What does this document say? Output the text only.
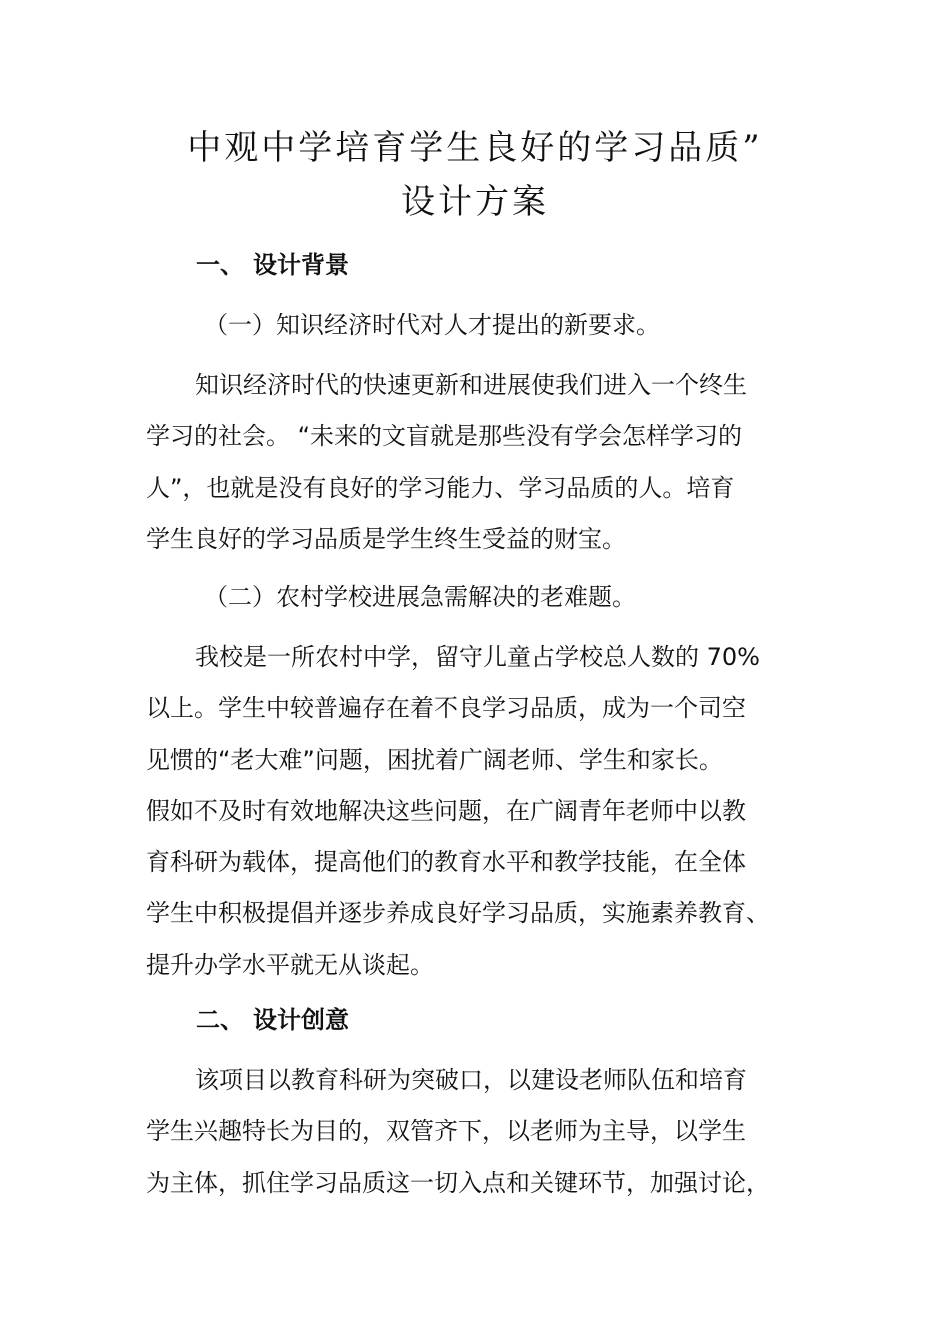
中观中学培育学生良好的学习品质”
设计方案
一、 设计背景
（一）知识经济时代对人才提出的新要求。
知识经济时代的快速更新和进展使我们进入一个终生
学习的社会。 “未来的文盲就是那些没有学会怎样学习的
人”，也就是没有良好的学习能力、学习品质的人。培育
学生良好的学习品质是学生终生受益的财宝。
（二）农村学校进展急需解决的老难题。
我校是一所农村中学，留守儿童占学校总人数的 70%
以上。学生中较普遍存在着不良学习品质，成为一个司空
见惯的“老大难”问题，困扰着广阔老师、学生和家长。
假如不及时有效地解决这些问题，在广阔青年老师中以教
育科研为载体，提高他们的教育水平和教学技能，在全体
学生中积极提倡并逐步养成良好学习品质，实施素养教育、
提升办学水平就无从谈起。
二、 设计创意
该项目以教育科研为突破口，以建设老师队伍和培育
学生兴趣特长为目的，双管齐下，以老师为主导，以学生
为主体，抓住学习品质这一切入点和关键环节，加强讨论，
